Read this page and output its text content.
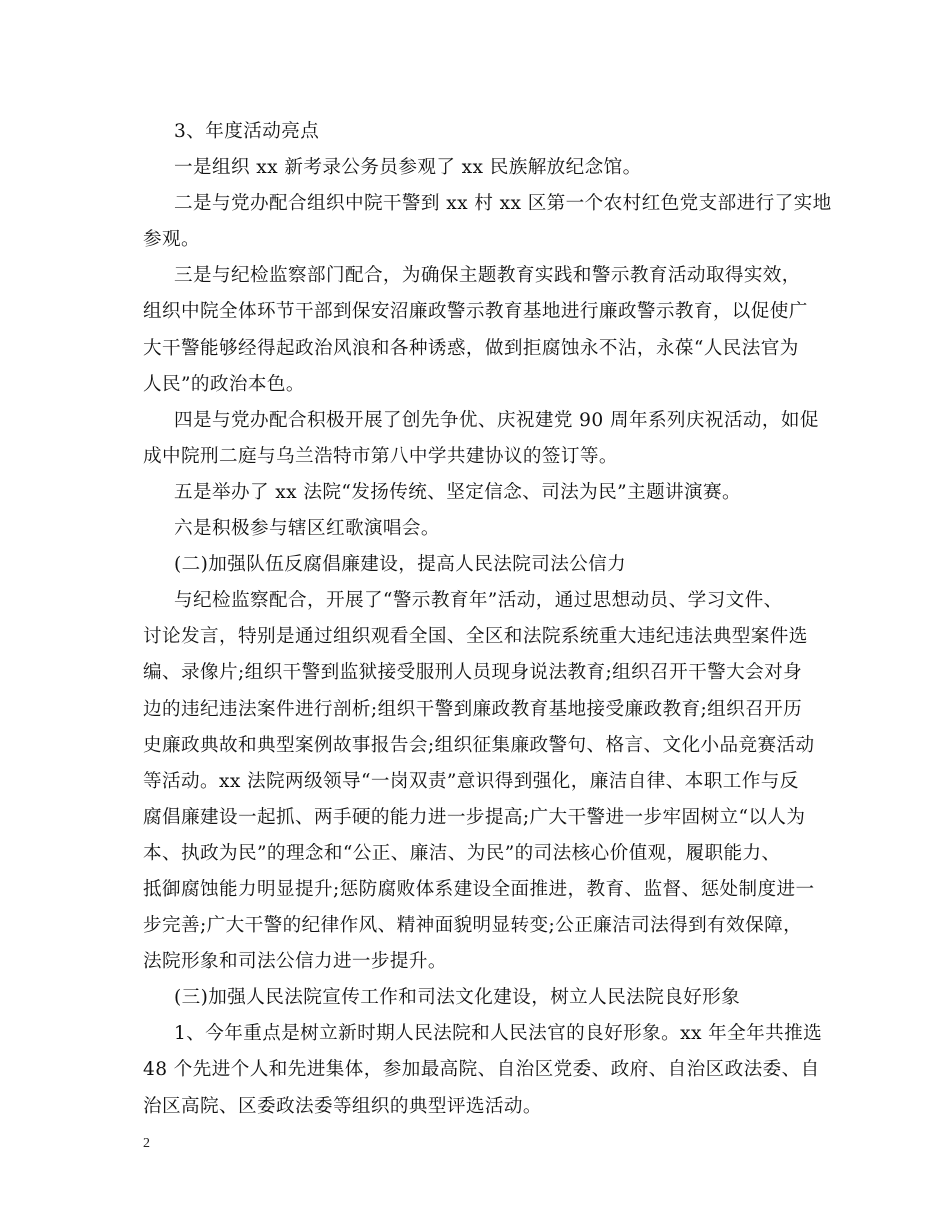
3、年度活动亮点
一是组织 xx 新考录公务员参观了 xx 民族解放纪念馆。
二是与党办配合组织中院干警到 xx 村 xx 区第一个农村红色党支部进行了实地
参观。
三是与纪检监察部门配合，为确保主题教育实践和警示教育活动取得实效，
组织中院全体环节干部到保安沼廉政警示教育基地进行廉政警示教育，以促使广
大干警能够经得起政治风浪和各种诱惑，做到拒腐蚀永不沾，永葆“人民法官为
人民”的政治本色。
四是与党办配合积极开展了创先争优、庆祝建党 90 周年系列庆祝活动，如促
成中院刑二庭与乌兰浩特市第八中学共建协议的签订等。
五是举办了 xx 法院“发扬传统、坚定信念、司法为民”主题讲演赛。
六是积极参与辖区红歌演唱会。
(二)加强队伍反腐倡廉建设，提高人民法院司法公信力
与纪检监察配合，开展了“警示教育年”活动，通过思想动员、学习文件、
讨论发言，特别是通过组织观看全国、全区和法院系统重大违纪违法典型案件选
编、录像片;组织干警到监狱接受服刑人员现身说法教育;组织召开干警大会对身
边的违纪违法案件进行剖析;组织干警到廉政教育基地接受廉政教育;组织召开历
史廉政典故和典型案例故事报告会;组织征集廉政警句、格言、文化小品竞赛活动
等活动。xx 法院两级领导“一岗双责”意识得到强化，廉洁自律、本职工作与反
腐倡廉建设一起抓、两手硬的能力进一步提高;广大干警进一步牢固树立“以人为
本、执政为民”的理念和“公正、廉洁、为民”的司法核心价值观，履职能力、
抵御腐蚀能力明显提升;惩防腐败体系建设全面推进，教育、监督、惩处制度进一
步完善;广大干警的纪律作风、精神面貌明显转变;公正廉洁司法得到有效保障，
法院形象和司法公信力进一步提升。
(三)加强人民法院宣传工作和司法文化建设，树立人民法院良好形象
1、今年重点是树立新时期人民法院和人民法官的良好形象。xx 年全年共推选
48 个先进个人和先进集体，参加最高院、自治区党委、政府、自治区政法委、自
治区高院、区委政法委等组织的典型评选活动。
2
